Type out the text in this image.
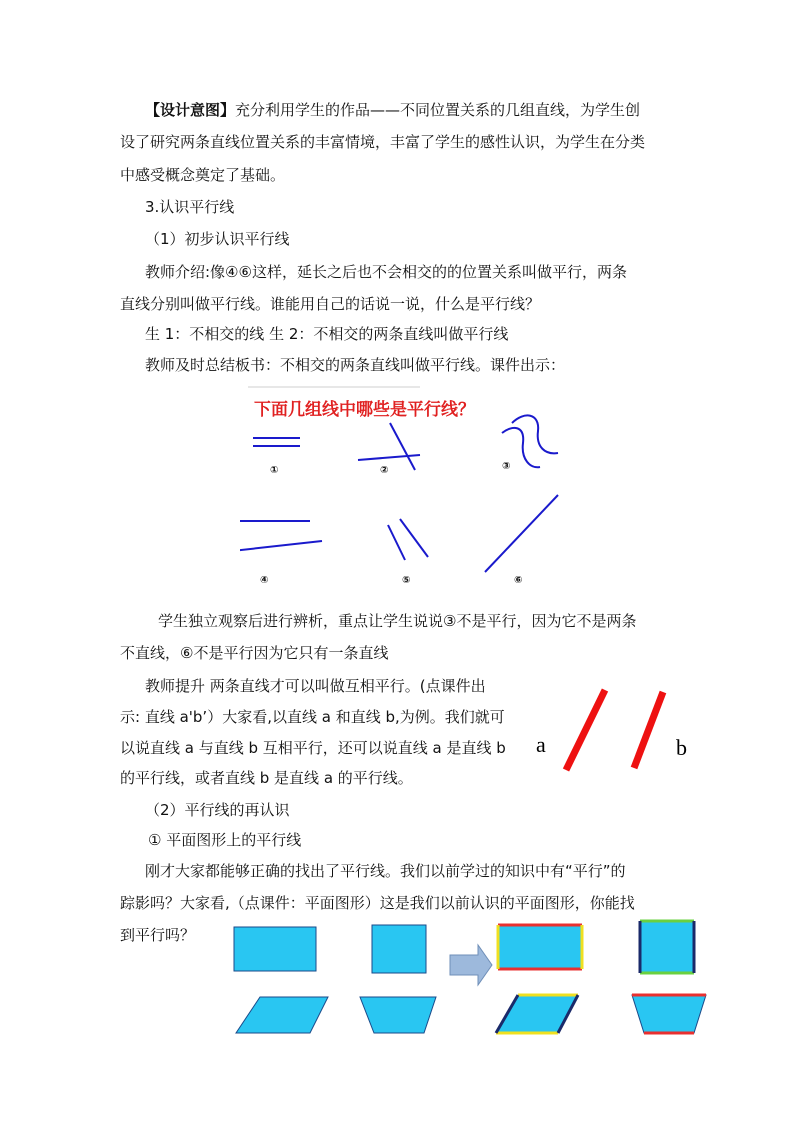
【设计意图】充分利用学生的作品——不同位置关系的几组直线，为学生创
设了研究两条直线位置关系的丰富情境，丰富了学生的感性认识，为学生在分类
中感受概念奠定了基础。
3.认识平行线
（1）初步认识平行线
教师介绍:像④⑥这样，延长之后也不会相交的的位置关系叫做平行，两条
直线分别叫做平行线。谁能用自己的话说一说，什么是平行线？
生 1：不相交的线 生 2：不相交的两条直线叫做平行线
教师及时总结板书：不相交的两条直线叫做平行线。课件出示：
下面几组线中哪些是平行线？
①	②	③
④	⑤	⑥
学生独立观察后进行辨析，重点让学生说说③不是平行，因为它不是两条
不直线，⑥不是平行因为它只有一条直线
教师提升 两条直线才可以叫做互相平行。(点课件出
示: 直线 a'b’）大家看,以直线 a 和直线 b,为例。我们就可
以说直线 a 与直线 b 互相平行，还可以说直线 a 是直线 b
的平行线，或者直线 b 是直线 a 的平行线。
a	b
（2）平行线的再认识
① 平面图形上的平行线
刚才大家都能够正确的找出了平行线。我们以前学过的知识中有“平行”的
踪影吗？大家看,（点课件：平面图形）这是我们以前认识的平面图形，你能找
到平行吗？
